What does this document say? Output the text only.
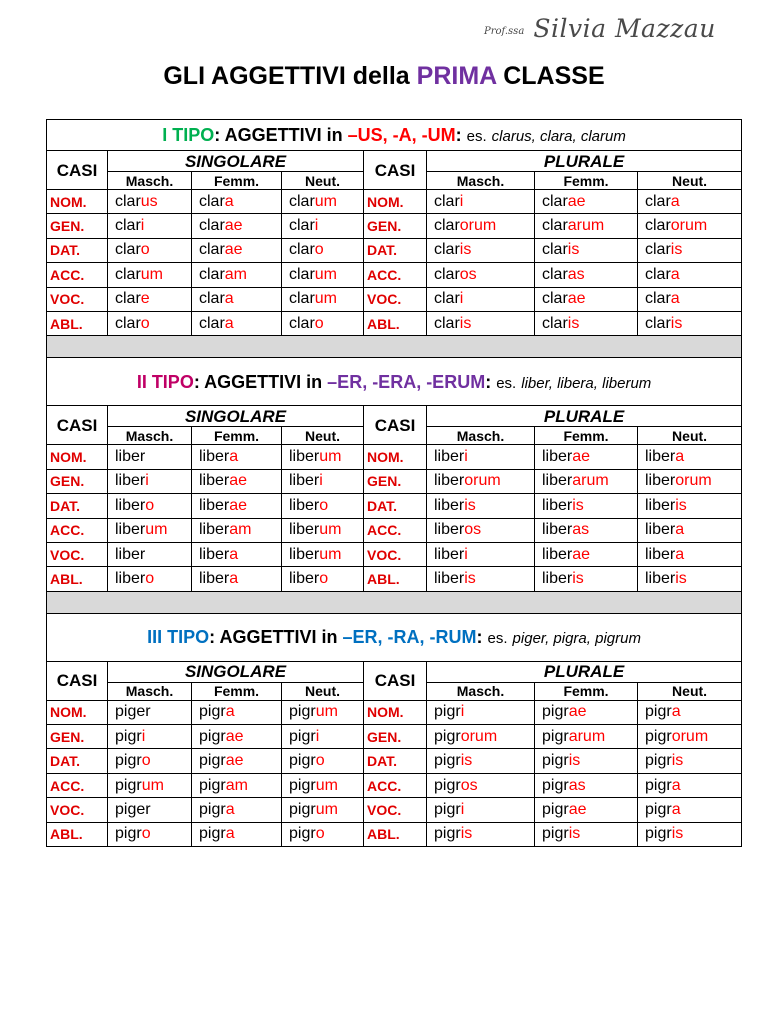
Prof.ssa Silvia Mazzau
GLI AGGETTIVI della PRIMA CLASSE
I TIPO: AGGETTIVI in –US, -A, -UM: es. clarus, clara, clarum							
CASI	SINGOLARE			CASI	PLURALE		
	Masch.	Femm.	Neut.		Masch.	Femm.	Neut.
NOM.	clarus	clara	clarum	NOM.	clari	clarae	clara
GEN.	clari	clarae	clari	GEN.	clarorum	clararum	clarorum
DAT.	claro	clarae	claro	DAT.	claris	claris	claris
ACC.	clarum	claram	clarum	ACC.	claros	claras	clara
VOC.	clare	clara	clarum	VOC.	clari	clarae	clara
ABL.	claro	clara	claro	ABL.	claris	claris	claris

II TIPO: AGGETTIVI in –ER, -ERA, -ERUM: es. liber, libera, liberum							
CASI	SINGOLARE			CASI	PLURALE		
	Masch.	Femm.	Neut.		Masch.	Femm.	Neut.
NOM.	liber	libera	liberum	NOM.	liberi	liberae	libera
GEN.	liberi	liberae	liberi	GEN.	liberorum	liberarum	liberorum
DAT.	libero	liberae	libero	DAT.	liberis	liberis	liberis
ACC.	liberum	liberam	liberum	ACC.	liberos	liberas	libera
VOC.	liber	libera	liberum	VOC.	liberi	liberae	libera
ABL.	libero	libera	libero	ABL.	liberis	liberis	liberis

III TIPO: AGGETTIVI in –ER, -RA, -RUM: es. piger, pigra, pigrum							
CASI	SINGOLARE			CASI	PLURALE		
	Masch.	Femm.	Neut.		Masch.	Femm.	Neut.
NOM.	piger	pigra	pigrum	NOM.	pigri	pigrae	pigra
GEN.	pigri	pigrae	pigri	GEN.	pigrorum	pigrarum	pigrorum
DAT.	pigro	pigrae	pigro	DAT.	pigris	pigris	pigris
ACC.	pigrum	pigram	pigrum	ACC.	pigros	pigras	pigra
VOC.	piger	pigra	pigrum	VOC.	pigri	pigrae	pigra
ABL.	pigro	pigra	pigro	ABL.	pigris	pigris	pigris
